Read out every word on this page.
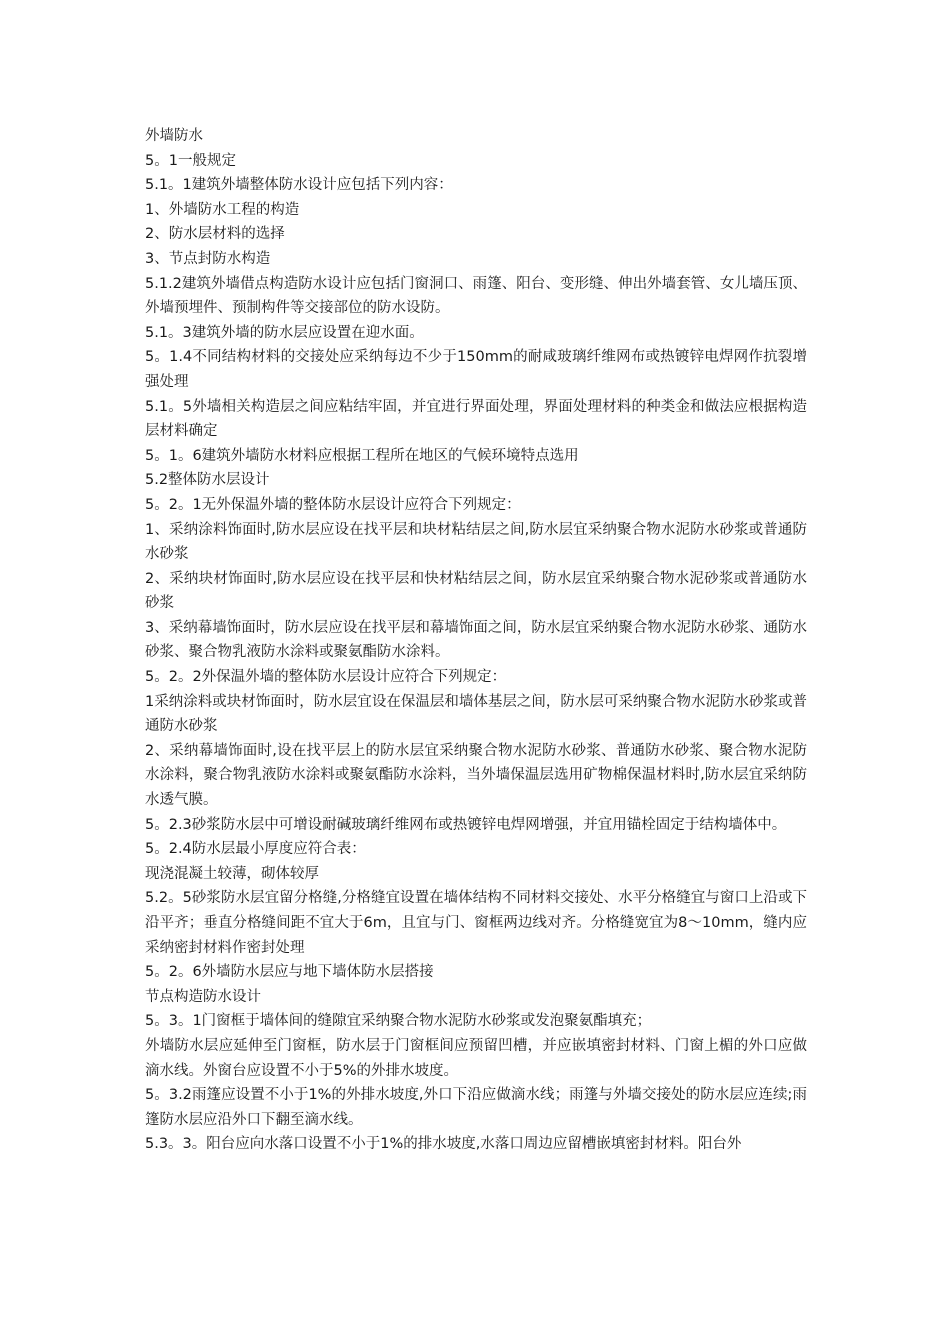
外墙防水

5。1一般规定

5.1。1建筑外墙整体防水设计应包括下列内容：

1、外墙防水工程的构造

2、防水层材料的选择

3、节点封防水构造

5.1.2建筑外墙借点构造防水设计应包括门窗洞口、雨篷、阳台、变形缝、伸出外墙套管、女儿墙压顶、外墙预埋件、预制构件等交接部位的防水设防。

5.1。3建筑外墙的防水层应设置在迎水面。

5。1.4不同结构材料的交接处应采纳每边不少于150mm的耐咸玻璃纤维网布或热镀锌电焊网作抗裂增强处理

5.1。5外墙相关构造层之间应粘结牢固，并宜进行界面处理，界面处理材料的种类金和做法应根据构造层材料确定

5。1。6建筑外墙防水材料应根据工程所在地区的气候环境特点选用

5.2整体防水层设计

5。2。1无外保温外墙的整体防水层设计应符合下列规定：

1、采纳涂料饰面时,防水层应设在找平层和块材粘结层之间,防水层宜采纳聚合物水泥防水砂浆或普通防水砂浆

2、采纳块材饰面时,防水层应设在找平层和快材粘结层之间，防水层宜采纳聚合物水泥砂浆或普通防水砂浆

3、采纳幕墙饰面时，防水层应设在找平层和幕墙饰面之间，防水层宜采纳聚合物水泥防水砂浆、通防水砂浆、聚合物乳液防水涂料或聚氨酯防水涂料。

5。2。2外保温外墙的整体防水层设计应符合下列规定：

1采纳涂料或块材饰面时，防水层宜设在保温层和墙体基层之间，防水层可采纳聚合物水泥防水砂浆或普通防水砂浆

2、采纳幕墙饰面时,设在找平层上的防水层宜采纳聚合物水泥防水砂浆、普通防水砂浆、聚合物水泥防水涂料，聚合物乳液防水涂料或聚氨酯防水涂料，当外墙保温层选用矿物棉保温材料时,防水层宜采纳防水透气膜。

5。2.3砂浆防水层中可增设耐碱玻璃纤维网布或热镀锌电焊网增强，并宜用锚栓固定于结构墙体中。

5。2.4防水层最小厚度应符合表：

现浇混凝土较薄，砌体较厚

5.2。5砂浆防水层宜留分格缝,分格缝宜设置在墙体结构不同材料交接处、水平分格缝宜与窗口上沿或下沿平齐；垂直分格缝间距不宜大于6m，且宜与门、窗框两边线对齐。分格缝宽宜为8～10mm，缝内应采纳密封材料作密封处理

5。2。6外墙防水层应与地下墙体防水层搭接

节点构造防水设计

5。3。1门窗框于墙体间的缝隙宜采纳聚合物水泥防水砂浆或发泡聚氨酯填充；

外墙防水层应延伸至门窗框，防水层于门窗框间应预留凹槽，并应嵌填密封材料、门窗上楣的外口应做滴水线。外窗台应设置不小于5%的外排水坡度。

5。3.2雨篷应设置不小于1%的外排水坡度,外口下沿应做滴水线；雨篷与外墙交接处的防水层应连续;雨篷防水层应沿外口下翻至滴水线。

5.3。3。阳台应向水落口设置不小于1%的排水坡度,水落口周边应留槽嵌填密封材料。阳台外
